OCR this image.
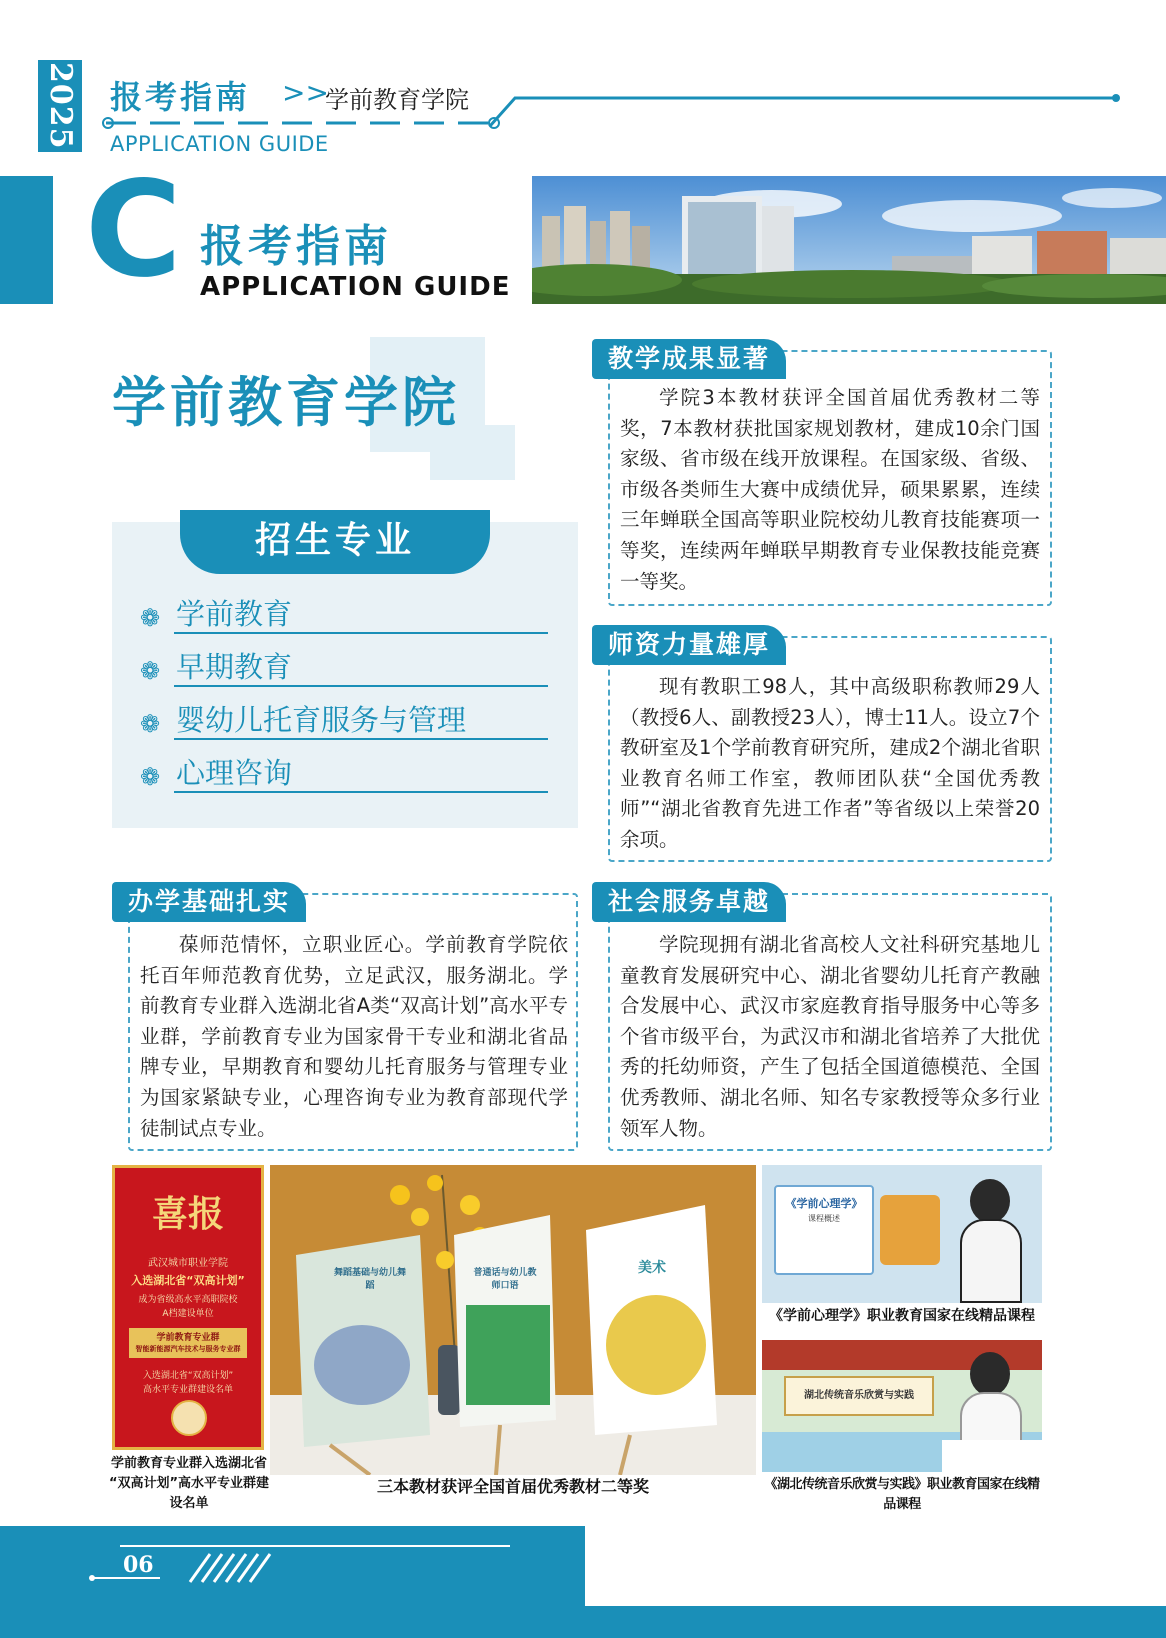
2025 报考指南 >>
学前教育学院
APPLICATION GUIDE
C 报考指南
APPLICATION GUIDE
学前教育学院
招生专业
❁ 学前教育
❁ 早期教育
❁ 婴幼儿托育服务与管理
❁ 心理咨询
教学成果显著
学院3本教材获评全国首届优秀教材二等奖，7本教材获批国家规划教材，建成10余门国家级、省市级在线开放课程。在国家级、省级、市级各类师生大赛中成绩优异，硕果累累，连续三年蝉联全国高等职业院校幼儿教育技能赛项一等奖，连续两年蝉联早期教育专业保教技能竞赛一等奖。
师资力量雄厚
现有教职工98人，其中高级职称教师29人（教授6人、副教授23人），博士11人。设立7个教研室及1个学前教育研究所，建成2个湖北省职业教育名师工作室，教师团队获“全国优秀教师”“湖北省教育先进工作者”等省级以上荣誉20余项。
办学基础扎实
葆师范情怀，立职业匠心。学前教育学院依托百年师范教育优势，立足武汉，服务湖北。学前教育专业群入选湖北省A类“双高计划”高水平专业群，学前教育专业为国家骨干专业和湖北省品牌专业，早期教育和婴幼儿托育服务与管理专业为国家紧缺专业，心理咨询专业为教育部现代学徒制试点专业。
社会服务卓越
学院现拥有湖北省高校人文社科研究基地儿童教育发展研究中心、湖北省婴幼儿托育产教融合发展中心、武汉市家庭教育指导服务中心等多个省市级平台，为武汉市和湖北省培养了大批优秀的托幼师资，产生了包括全国道德模范、全国优秀教师、湖北名师、知名专家教授等众多行业领军人物。
喜报
武汉城市职业学院
入选湖北省“双高计划”
成为省级高水平高职院校
A档建设单位
学前教育专业群
智能新能源汽车技术与服务专业群
入选湖北省“双高计划”
高水平专业群建设名单
学前教育专业群入选湖北省
“双高计划”高水平专业群建设名单
舞蹈基础与幼儿舞蹈
普通话与幼儿教师口语
美术
三本教材获评全国首届优秀教材二等奖
《学前心理学》
课程概述
《学前心理学》职业教育国家在线精品课程
湖北传统音乐欣赏与实践
《湖北传统音乐欣赏与实践》职业教育国家在线精品课程
06
